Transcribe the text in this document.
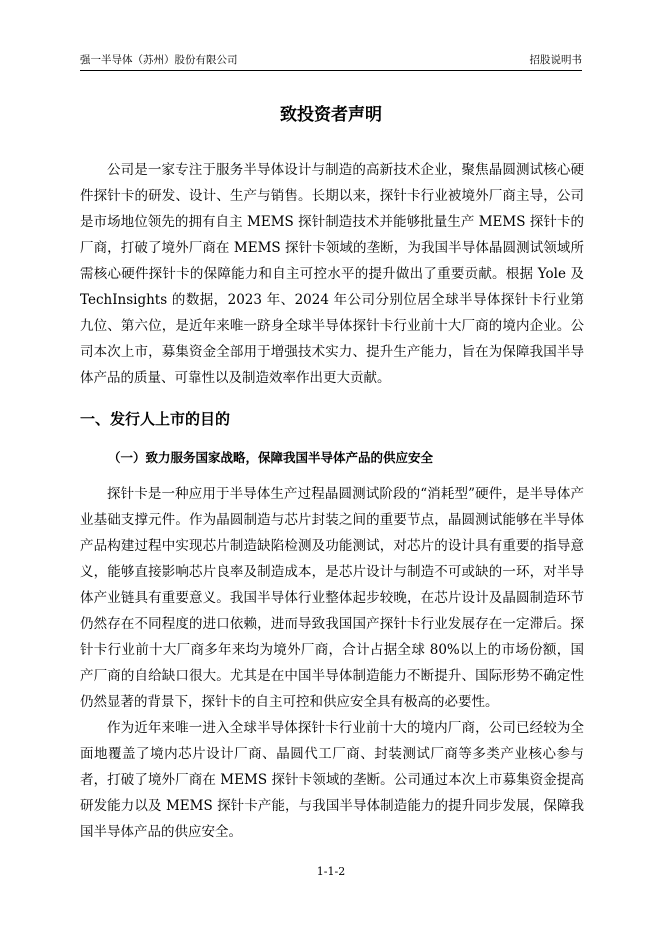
强一半导体（苏州）股份有限公司	招股说明书
致投资者声明

公司是一家专注于服务半导体设计与制造的高新技术企业，聚焦晶圆测试核心硬件探针卡的研发、设计、生产与销售。长期以来，探针卡行业被境外厂商主导，公司是市场地位领先的拥有自主 MEMS 探针制造技术并能够批量生产 MEMS 探针卡的厂商，打破了境外厂商在 MEMS 探针卡领域的垄断，为我国半导体晶圆测试领域所需核心硬件探针卡的保障能力和自主可控水平的提升做出了重要贡献。根据 Yole 及 TechInsights 的数据，2023 年、2024 年公司分别位居全球半导体探针卡行业第九位、第六位，是近年来唯一跻身全球半导体探针卡行业前十大厂商的境内企业。公司本次上市，募集资金全部用于增强技术实力、提升生产能力，旨在为保障我国半导体产品的质量、可靠性以及制造效率作出更大贡献。

一、发行人上市的目的
（一）致力服务国家战略，保障我国半导体产品的供应安全

探针卡是一种应用于半导体生产过程晶圆测试阶段的“消耗型”硬件，是半导体产业基础支撑元件。作为晶圆制造与芯片封装之间的重要节点，晶圆测试能够在半导体产品构建过程中实现芯片制造缺陷检测及功能测试，对芯片的设计具有重要的指导意义，能够直接影响芯片良率及制造成本，是芯片设计与制造不可或缺的一环，对半导体产业链具有重要意义。我国半导体行业整体起步较晚，在芯片设计及晶圆制造环节仍然存在不同程度的进口依赖，进而导致我国国产探针卡行业发展存在一定滞后。探针卡行业前十大厂商多年来均为境外厂商，合计占据全球 80%以上的市场份额，国产厂商的自给缺口很大。尤其是在中国半导体制造能力不断提升、国际形势不确定性仍然显著的背景下，探针卡的自主可控和供应安全具有极高的必要性。

作为近年来唯一进入全球半导体探针卡行业前十大的境内厂商，公司已经较为全面地覆盖了境内芯片设计厂商、晶圆代工厂商、封装测试厂商等多类产业核心参与者，打破了境外厂商在 MEMS 探针卡领域的垄断。公司通过本次上市募集资金提高研发能力以及 MEMS 探针卡产能，与我国半导体制造能力的提升同步发展，保障我国半导体产品的供应安全。

1-1-2
